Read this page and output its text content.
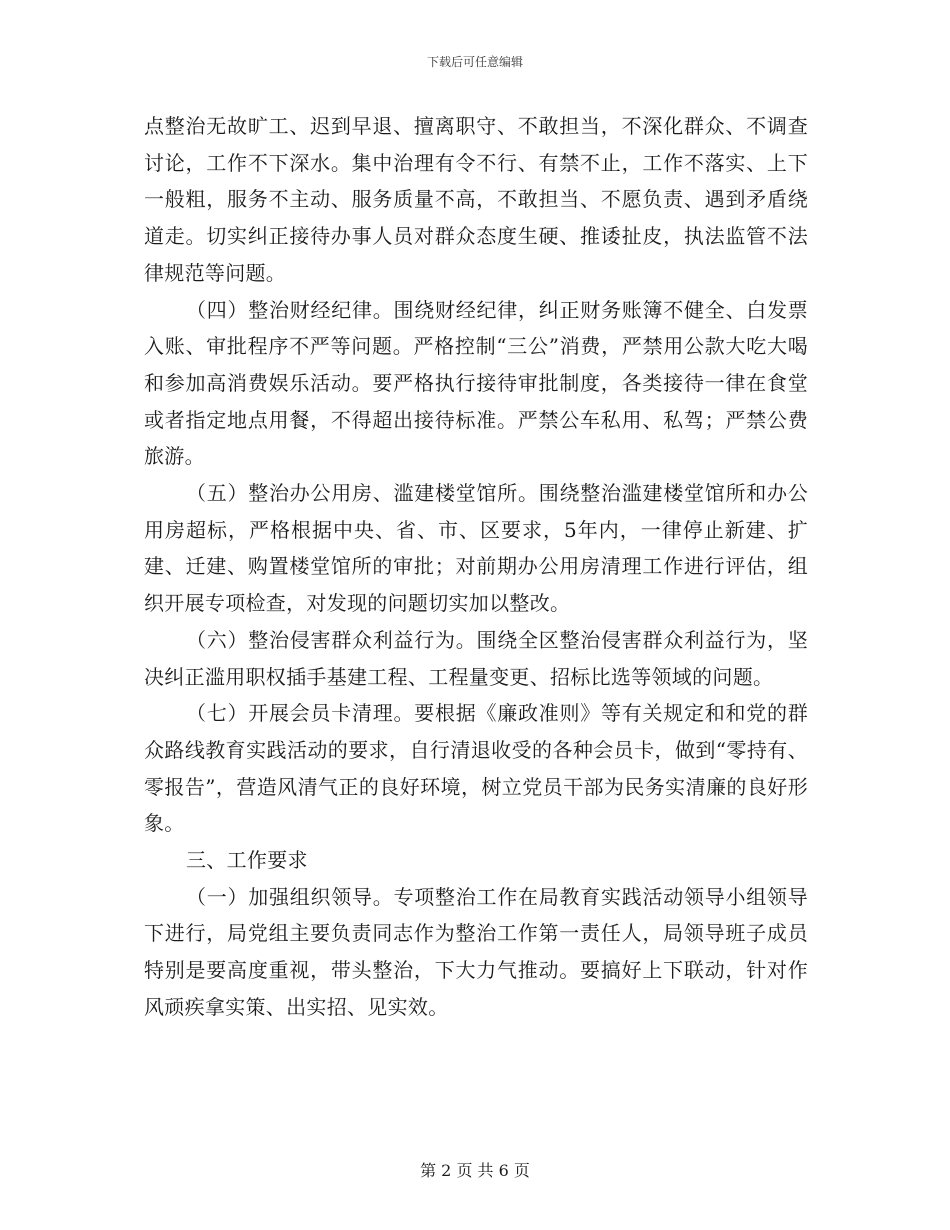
下载后可任意编辑

点整治无故旷工、迟到早退、擅离职守、不敢担当，不深化群众、不调查讨论，工作不下深水。集中治理有令不行、有禁不止，工作不落实、上下一般粗，服务不主动、服务质量不高，不敢担当、不愿负责、遇到矛盾绕道走。切实纠正接待办事人员对群众态度生硬、推诿扯皮，执法监管不法律规范等问题。

（四）整治财经纪律。围绕财经纪律，纠正财务账簿不健全、白发票入账、审批程序不严等问题。严格控制“三公”消费，严禁用公款大吃大喝和参加高消费娱乐活动。要严格执行接待审批制度，各类接待一律在食堂或者指定地点用餐，不得超出接待标准。严禁公车私用、私驾；严禁公费旅游。

（五）整治办公用房、滥建楼堂馆所。围绕整治滥建楼堂馆所和办公用房超标，严格根据中央、省、市、区要求，5年内，一律停止新建、扩建、迁建、购置楼堂馆所的审批；对前期办公用房清理工作进行评估，组织开展专项检查，对发现的问题切实加以整改。

（六）整治侵害群众利益行为。围绕全区整治侵害群众利益行为，坚决纠正滥用职权插手基建工程、工程量变更、招标比选等领域的问题。

（七）开展会员卡清理。要根据《廉政准则》等有关规定和和党的群众路线教育实践活动的要求，自行清退收受的各种会员卡，做到“零持有、零报告”，营造风清气正的良好环境，树立党员干部为民务实清廉的良好形象。

三、工作要求

（一）加强组织领导。专项整治工作在局教育实践活动领导小组领导下进行，局党组主要负责同志作为整治工作第一责任人，局领导班子成员特别是要高度重视，带头整治，下大力气推动。要搞好上下联动，针对作风顽疾拿实策、出实招、见实效。

第 2 页 共 6 页
